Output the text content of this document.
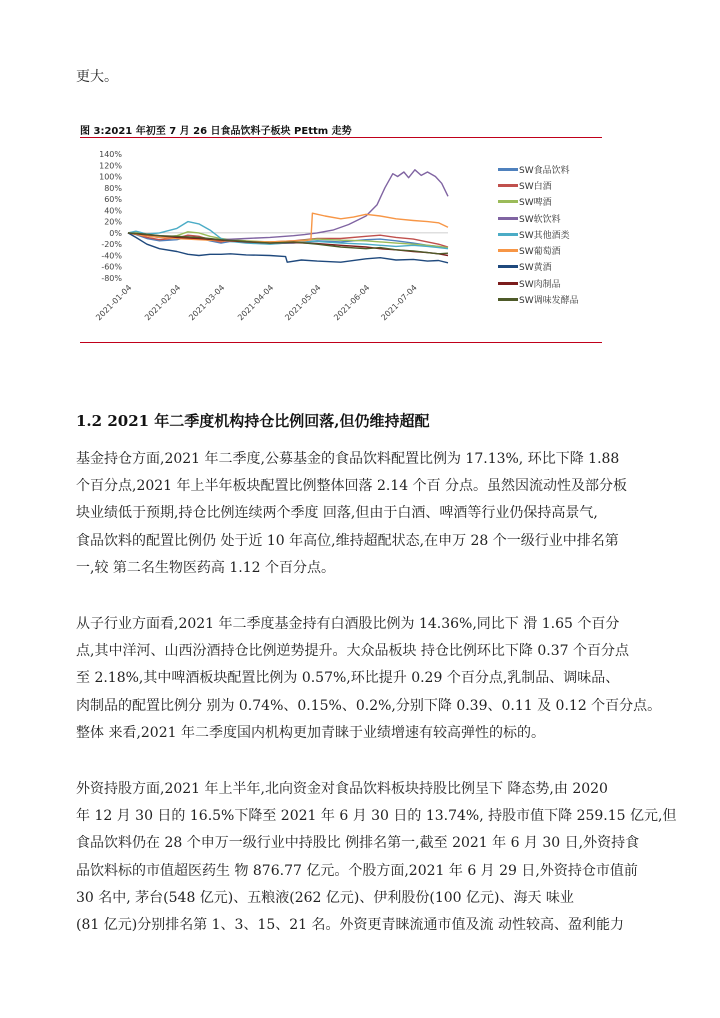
更大。
图 3:2021 年初至 7 月 26 日食品饮料子板块 PEttm 走势
-80%
-60%
-40%
-20%
0%
20%
40%
60%
80%
100%
120%
140%
2021-01-04 2021-02-04 2021-03-04 2021-04-04 2021-05-04 2021-06-04 2021-07-04
SW食品饮料
SW白酒
SW啤酒
SW软饮料
SW其他酒类
SW葡萄酒
SW黄酒
SW肉制品
SW调味发酵品
1.2 2021 年二季度机构持仓比例回落,但仍维持超配

基金持仓方面,2021 年二季度,公募基金的食品饮料配置比例为 17.13%, 环比下降 1.88
个百分点,2021 年上半年板块配置比例整体回落 2.14 个百 分点。虽然因流动性及部分板
块业绩低于预期,持仓比例连续两个季度 回落,但由于白酒、啤酒等行业仍保持高景气,
食品饮料的配置比例仍 处于近 10 年高位,维持超配状态,在申万 28 个一级行业中排名第
一,较 第二名生物医药高 1.12 个百分点。

从子行业方面看,2021 年二季度基金持有白酒股比例为 14.36%,同比下 滑 1.65 个百分
点,其中洋河、山西汾酒持仓比例逆势提升。大众品板块 持仓比例环比下降 0.37 个百分点
至 2.18%,其中啤酒板块配置比例为 0.57%,环比提升 0.29 个百分点,乳制品、调味品、
肉制品的配置比例分 别为 0.74%、0.15%、0.2%,分别下降 0.39、0.11 及 0.12 个百分点。
整体 来看,2021 年二季度国内机构更加青睐于业绩增速有较高弹性的标的。

外资持股方面,2021 年上半年,北向资金对食品饮料板块持股比例呈下 降态势,由 2020
年 12 月 30 日的 16.5%下降至 2021 年 6 月 30 日的 13.74%, 持股市值下降 259.15 亿元,但
食品饮料仍在 28 个申万一级行业中持股比 例排名第一,截至 2021 年 6 月 30 日,外资持食
品饮料标的市值超医药生 物 876.77 亿元。个股方面,2021 年 6 月 29 日,外资持仓市值前
30 名中, 茅台(548 亿元)、五粮液(262 亿元)、伊利股份(100 亿元)、海天 味业
(81 亿元)分别排名第 1、3、15、21 名。外资更青睐流通市值及流 动性较高、盈利能力
